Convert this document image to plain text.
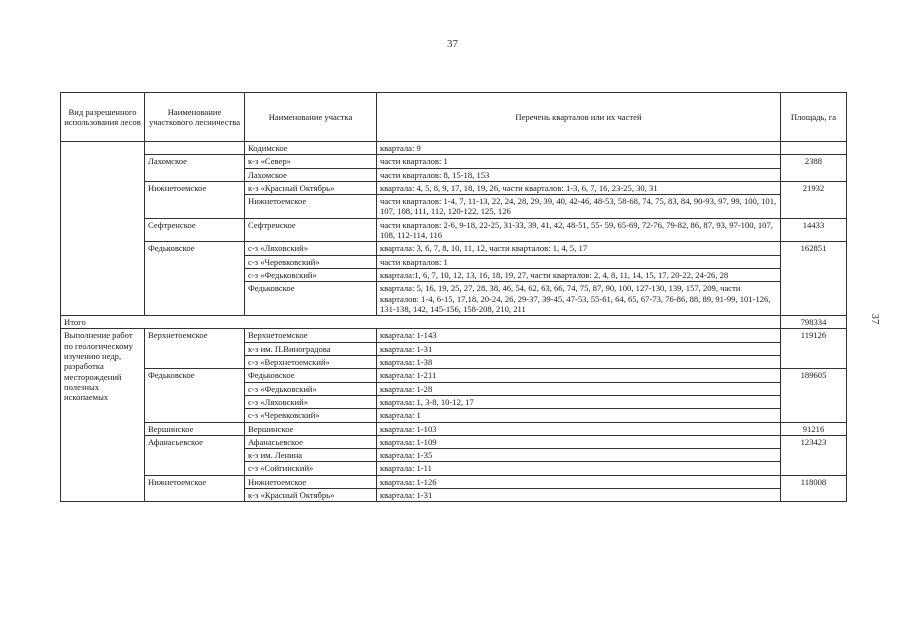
37
37
Вид разрешенного использования лесов	Наименование участкового лесничества	Наименование участка	Перечень кварталов или их частей	Площадь, га
		Кодимское	квартала: 9	
	Лахомское	к-з «Север»	части кварталов: 1	2388
		Лахомское	части кварталов: 8, 15-18, 153	
	Нижнетоемское	к-з «Красный Октябрь»	квартала: 4, 5, 8, 9, 17, 18, 19, 26, части кварталов: 1-3, 6, 7, 16, 23-25, 30, 31	21932
		Нижнетоемское	части кварталов: 1-4, 7, 11-13, 22, 24, 28, 29, 39, 40, 42-46, 48-53, 58-68, 74, 75, 83, 84, 90-93, 97, 99, 100, 101, 107, 108, 111, 112, 120-122, 125, 126	
	Сефтренское	Сефтренское	части кварталов: 2-6, 9-18, 22-25, 31-33, 39, 41, 42, 48-51, 55- 59, 65-69, 72-76, 79-82, 86, 87, 93, 97-100, 107, 108, 112-114, 116	14433
	Федьковское	с-з «Ляховский»	квартала: 3, 6, 7, 8, 10, 11, 12, части кварталов: 1, 4, 5, 17	162851
		с-з «Черевковский»	части кварталов: 1	
		с-з «Федьковский»	квартала:1, 6, 7, 10, 12, 13, 16, 18, 19, 27, части кварталов: 2, 4, 8, 11, 14, 15, 17, 20-22, 24-26, 28	
		Федьковское	квартала: 5, 16, 19, 25, 27, 28, 38, 46, 54, 62, 63, 66, 74, 75, 87, 90, 100, 127-130, 139, 157, 209, части кварталов: 1-4, 6-15, 17,18, 20-24, 26, 29-37, 39-45, 47-53, 55-61, 64, 65, 67-73, 76-86, 88, 89, 91-99, 101-126, 131-138, 142, 145-156, 158-208, 210, 211	
Итого				798334
Выполнение работ по геологическому изучению недр, разработка месторождений полезных ископаемых	Верхнетоемское	Верхнетоемское	квартала: 1-143	119126
		к-з им. П.Виноградова	квартала: 1-31	
		с-з «Верхнетоемский»	квартала: 1-38	
	Федьковское	Федьковское	квартала: 1-211	189605
		с-з «Федьковский»	квартала: 1-28	
		с-з «Ляховский»	квартала: 1, 3-8, 10-12, 17	
		с-з «Черевковский»	квартала: 1	
	Вершинское	Вершинское	квартала: 1-103	91216
	Афанасьевское	Афанасьевское	квартала: 1-109	123423
		к-з им. Ленина	квартала: 1-35	
		с-з «Сойгинский»	квартала: 1-11	
	Нижнетоемское	Нижнетоемское	квартала: 1-126	118008
		к-з «Красный Октябрь»	квартала: 1-31	
